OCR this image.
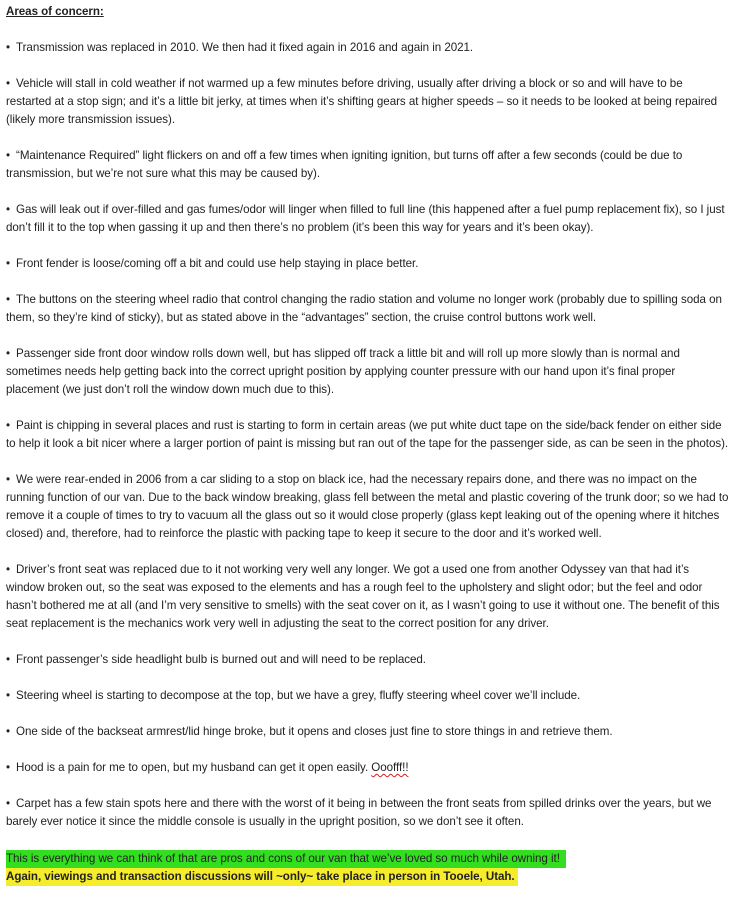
Areas of concern:

• Transmission was replaced in 2010. We then had it fixed again in 2016 and again in 2021.

• Vehicle will stall in cold weather if not warmed up a few minutes before driving, usually after driving a block or so and will have to be restarted at a stop sign; and it’s a little bit jerky, at times when it’s shifting gears at higher speeds – so it needs to be looked at being repaired (likely more transmission issues).

• “Maintenance Required” light flickers on and off a few times when igniting ignition, but turns off after a few seconds (could be due to transmission, but we’re not sure what this may be caused by).

• Gas will leak out if over-filled and gas fumes/odor will linger when filled to full line (this happened after a fuel pump replacement fix), so I just don’t fill it to the top when gassing it up and then there’s no problem (it’s been this way for years and it’s been okay).

• Front fender is loose/coming off a bit and could use help staying in place better.

• The buttons on the steering wheel radio that control changing the radio station and volume no longer work (probably due to spilling soda on them, so they’re kind of sticky), but as stated above in the “advantages” section, the cruise control buttons work well.

• Passenger side front door window rolls down well, but has slipped off track a little bit and will roll up more slowly than is normal and sometimes needs help getting back into the correct upright position by applying counter pressure with our hand upon it’s final proper placement (we just don’t roll the window down much due to this).

• Paint is chipping in several places and rust is starting to form in certain areas (we put white duct tape on the side/back fender on either side to help it look a bit nicer where a larger portion of paint is missing but ran out of the tape for the passenger side, as can be seen in the photos).

• We were rear-ended in 2006 from a car sliding to a stop on black ice, had the necessary repairs done, and there was no impact on the running function of our van. Due to the back window breaking, glass fell between the metal and plastic covering of the trunk door; so we had to remove it a couple of times to try to vacuum all the glass out so it would close properly (glass kept leaking out of the opening where it hitches closed) and, therefore, had to reinforce the plastic with packing tape to keep it secure to the door and it’s worked well.

• Driver’s front seat was replaced due to it not working very well any longer. We got a used one from another Odyssey van that had it’s window broken out, so the seat was exposed to the elements and has a rough feel to the upholstery and slight odor; but the feel and odor hasn’t bothered me at all (and I’m very sensitive to smells) with the seat cover on it, as I wasn’t going to use it without one. The benefit of this seat replacement is the mechanics work very well in adjusting the seat to the correct position for any driver.

• Front passenger’s side headlight bulb is burned out and will need to be replaced.

• Steering wheel is starting to decompose at the top, but we have a grey, fluffy steering wheel cover we’ll include.

• One side of the backseat armrest/lid hinge broke, but it opens and closes just fine to store things in and retrieve them.

• Hood is a pain for me to open, but my husband can get it open easily. Ooofff!!

• Carpet has a few stain spots here and there with the worst of it being in between the front seats from spilled drinks over the years, but we barely ever notice it since the middle console is usually in the upright position, so we don’t see it often.

This is everything we can think of that are pros and cons of our van that we’ve loved so much while owning it!
Again, viewings and transaction discussions will ~only~ take place in person in Tooele, Utah.
